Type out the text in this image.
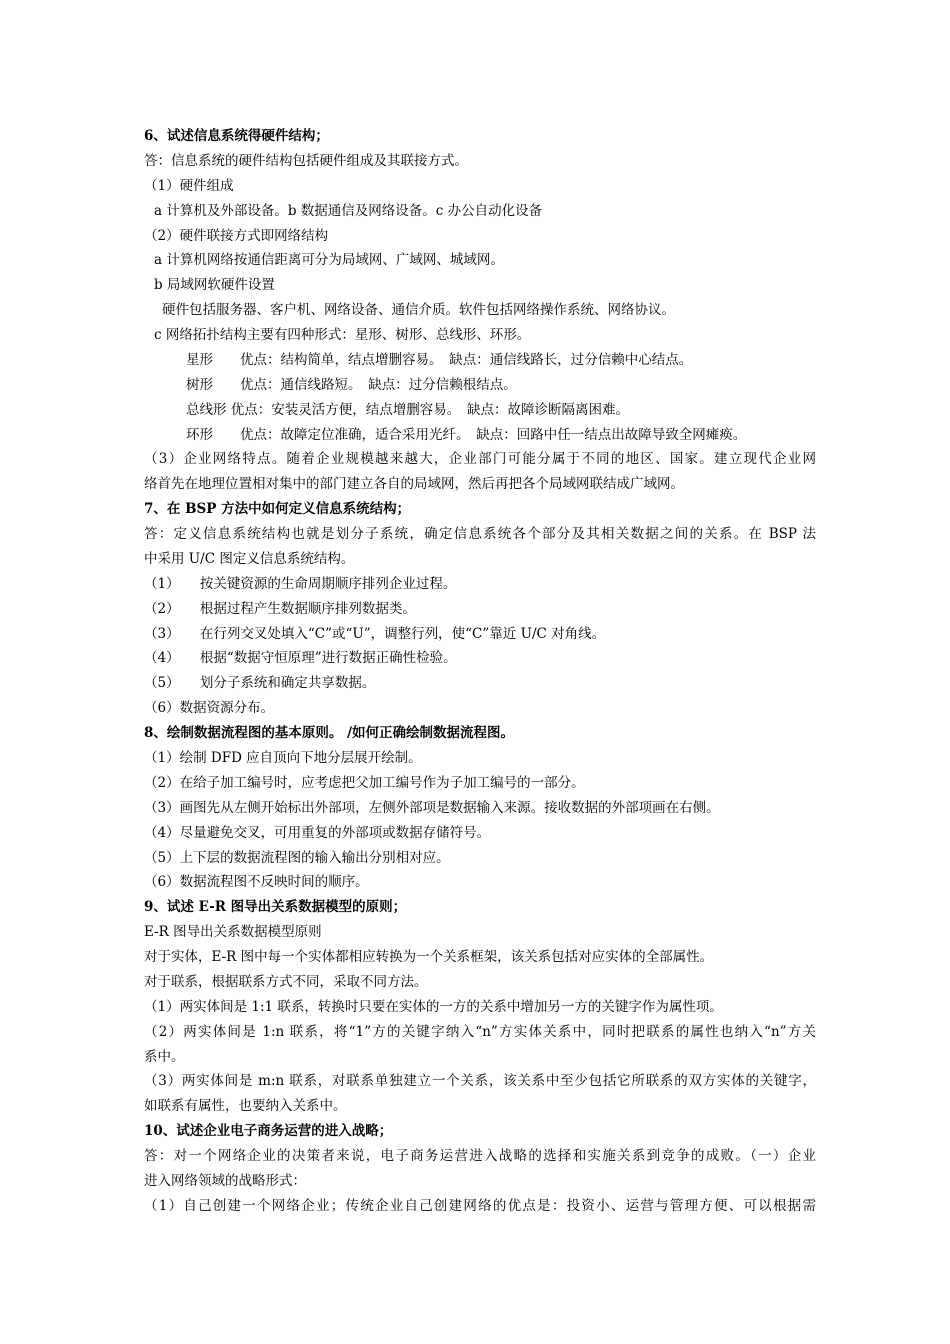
6、试述信息系统得硬件结构；
答：信息系统的硬件结构包括硬件组成及其联接方式。
（1）硬件组成
a 计算机及外部设备。b 数据通信及网络设备。c 办公自动化设备
（2）硬件联接方式即网络结构
a 计算机网络按通信距离可分为局域网、广域网、城域网。
b 局域网软硬件设置
硬件包括服务器、客户机、网络设备、通信介质。软件包括网络操作系统、网络协议。
c 网络拓扑结构主要有四种形式：星形、树形、总线形、环形。
星形　　优点：结构简单，结点增删容易。　缺点：通信线路长，过分信赖中心结点。
树形　　优点：通信线路短。　缺点：过分信赖根结点。
总线形 优点：安装灵活方便，结点增删容易。　缺点：故障诊断隔离困难。
环形　　优点：故障定位准确，适合采用光纤。　缺点：回路中任一结点出故障导致全网瘫痪。
（3）企业网络特点。随着企业规模越来越大，企业部门可能分属于不同的地区、国家。建立现代企业网
络首先在地理位置相对集中的部门建立各自的局域网，然后再把各个局域网联结成广域网。
7、在 BSP 方法中如何定义信息系统结构；
答：定义信息系统结构也就是划分子系统，确定信息系统各个部分及其相关数据之间的关系。在 BSP 法
中采用 U/C 图定义信息系统结构。
（1）　　按关键资源的生命周期顺序排列企业过程。
（2）　　根据过程产生数据顺序排列数据类。
（3）　　在行列交叉处填入“C”或“U”，调整行列，使“C”靠近 U/C 对角线。
（4）　　根据“数据守恒原理”进行数据正确性检验。
（5）　　划分子系统和确定共享数据。
（6）数据资源分布。
8、绘制数据流程图的基本原则。 /如何正确绘制数据流程图。
（1）绘制 DFD 应自顶向下地分层展开绘制。
（2）在给子加工编号时，应考虑把父加工编号作为子加工编号的一部分。
（3）画图先从左侧开始标出外部项，左侧外部项是数据输入来源。接收数据的外部项画在右侧。
（4）尽量避免交叉，可用重复的外部项或数据存储符号。
（5）上下层的数据流程图的输入输出分别相对应。
（6）数据流程图不反映时间的顺序。
9、试述 E-R 图导出关系数据模型的原则；
E-R 图导出关系数据模型原则
对于实体，E-R 图中每一个实体都相应转换为一个关系框架，该关系包括对应实体的全部属性。
对于联系，根据联系方式不同，采取不同方法。
（1）两实体间是 1:1 联系，转换时只要在实体的一方的关系中增加另一方的关键字作为属性项。
（2）两实体间是 1:n 联系，将“1”方的关键字纳入“n”方实体关系中，同时把联系的属性也纳入“n”方关
系中。
（3）两实体间是 m:n 联系，对联系单独建立一个关系，该关系中至少包括它所联系的双方实体的关键字，
如联系有属性，也要纳入关系中。
10、试述企业电子商务运营的进入战略；
答：对一个网络企业的决策者来说，电子商务运营进入战略的选择和实施关系到竞争的成败。（一）企业
进入网络领域的战略形式：
（1）自己创建一个网络企业；传统企业自己创建网络的优点是：投资小、运营与管理方便、可以根据需
